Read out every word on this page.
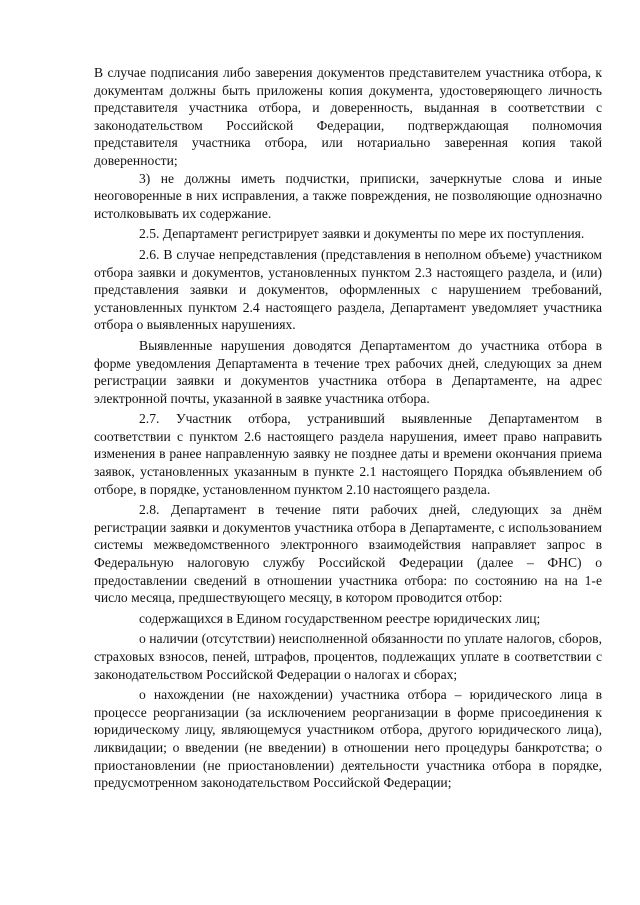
В случае подписания либо заверения документов представителем участника отбора, к документам должны быть приложены копия документа, удостоверяющего личность представителя участника отбора, и доверенность, выданная в соответствии с законодательством Российской Федерации, подтверждающая полномочия представителя участника отбора, или нотариально заверенная копия такой доверенности;

3) не должны иметь подчистки, приписки, зачеркнутые слова и иные неоговоренные в них исправления, а также повреждения, не позволяющие однозначно истолковывать их содержание.

2.5. Департамент регистрирует заявки и документы по мере их поступления.

2.6. В случае непредставления (представления в неполном объеме) участником отбора заявки и документов, установленных пунктом 2.3 настоящего раздела, и (или) представления заявки и документов, оформленных с нарушением требований, установленных пунктом 2.4 настоящего раздела, Департамент уведомляет участника отбора о выявленных нарушениях.

Выявленные нарушения доводятся Департаментом до участника отбора в форме уведомления Департамента в течение трех рабочих дней, следующих за днем регистрации заявки и документов участника отбора в Департаменте, на адрес электронной почты, указанной в заявке участника отбора.

2.7. Участник отбора, устранивший выявленные Департаментом в соответствии с пунктом 2.6 настоящего раздела нарушения, имеет право направить изменения в ранее направленную заявку не позднее даты и времени окончания приема заявок, установленных указанным в пункте 2.1 настоящего Порядка объявлением об отборе, в порядке, установленном пунктом 2.10 настоящего раздела.

2.8. Департамент в течение пяти рабочих дней, следующих за днём регистрации заявки и документов участника отбора в Департаменте, с использованием системы межведомственного электронного взаимодействия направляет запрос в Федеральную налоговую службу Российской Федерации (далее – ФНС) о предоставлении сведений в отношении участника отбора: по состоянию на на 1-е число месяца, предшествующего месяцу, в котором проводится отбор:

содержащихся в Едином государственном реестре юридических лиц;

о наличии (отсутствии) неисполненной обязанности по уплате налогов, сборов, страховых взносов, пеней, штрафов, процентов, подлежащих уплате в соответствии с законодательством Российской Федерации о налогах и сборах;

о нахождении (не нахождении) участника отбора – юридического лица в процессе реорганизации (за исключением реорганизации в форме присоединения к юридическому лицу, являющемуся участником отбора, другого юридического лица), ликвидации; о введении (не введении) в отношении него процедуры банкротства; о приостановлении (не приостановлении) деятельности участника отбора в порядке, предусмотренном законодательством Российской Федерации;
